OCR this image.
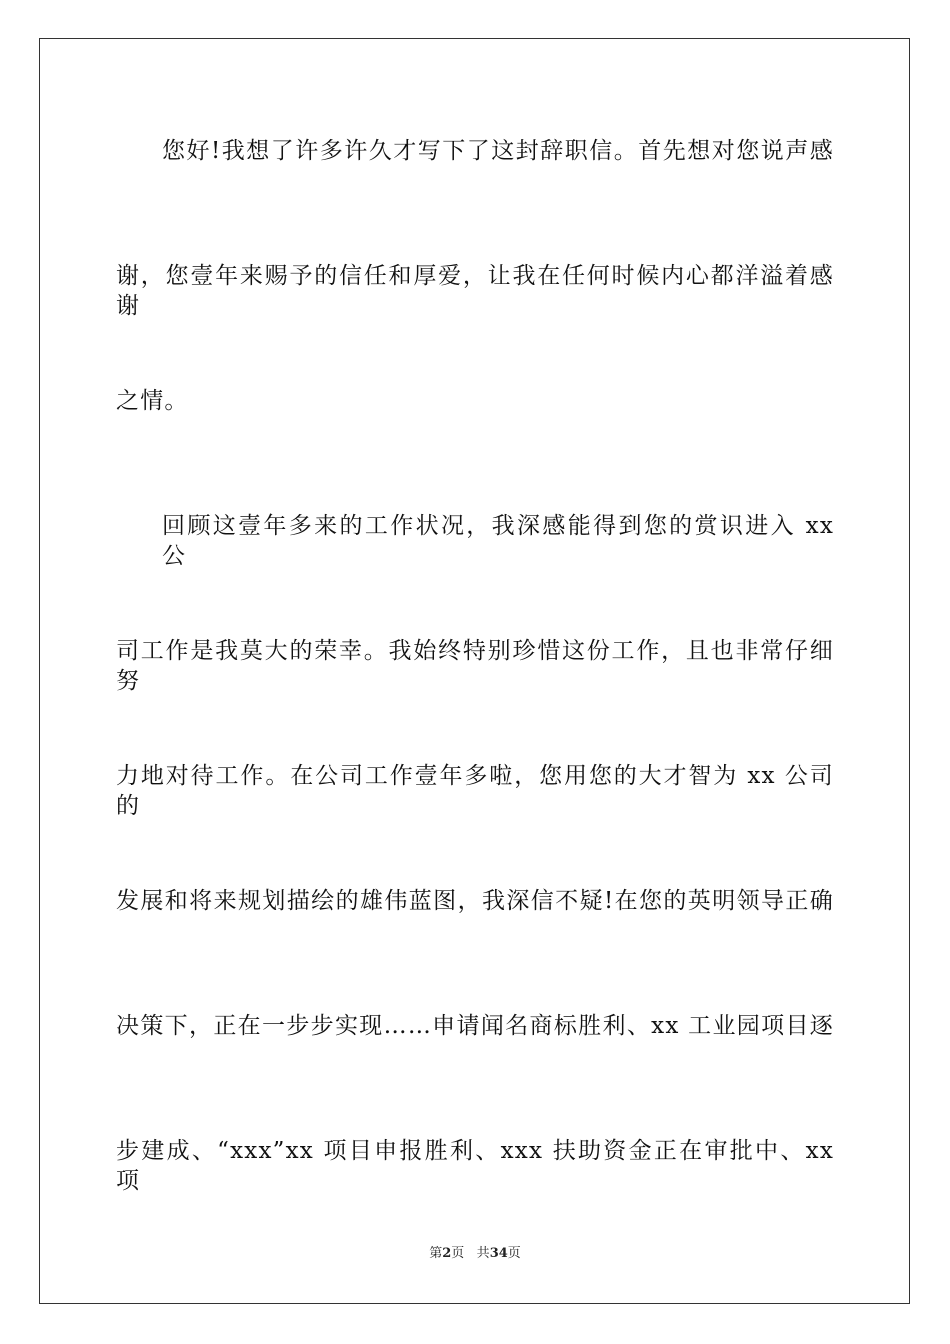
您好!我想了许多许久才写下了这封辞职信。首先想对您说声感
谢，您壹年来赐予的信任和厚爱，让我在任何时候内心都洋溢着感谢
之情。
回顾这壹年多来的工作状况，我深感能得到您的赏识进入 xx 公
司工作是我莫大的荣幸。我始终特别珍惜这份工作，且也非常仔细努
力地对待工作。在公司工作壹年多啦，您用您的大才智为 xx 公司的
发展和将来规划描绘的雄伟蓝图，我深信不疑!在您的英明领导正确
决策下，正在一步步实现……申请闻名商标胜利、xx 工业园项目逐
步建成、“xxx”xx 项目申报胜利、xxx 扶助资金正在审批中、xx 项
第2页 共34页
